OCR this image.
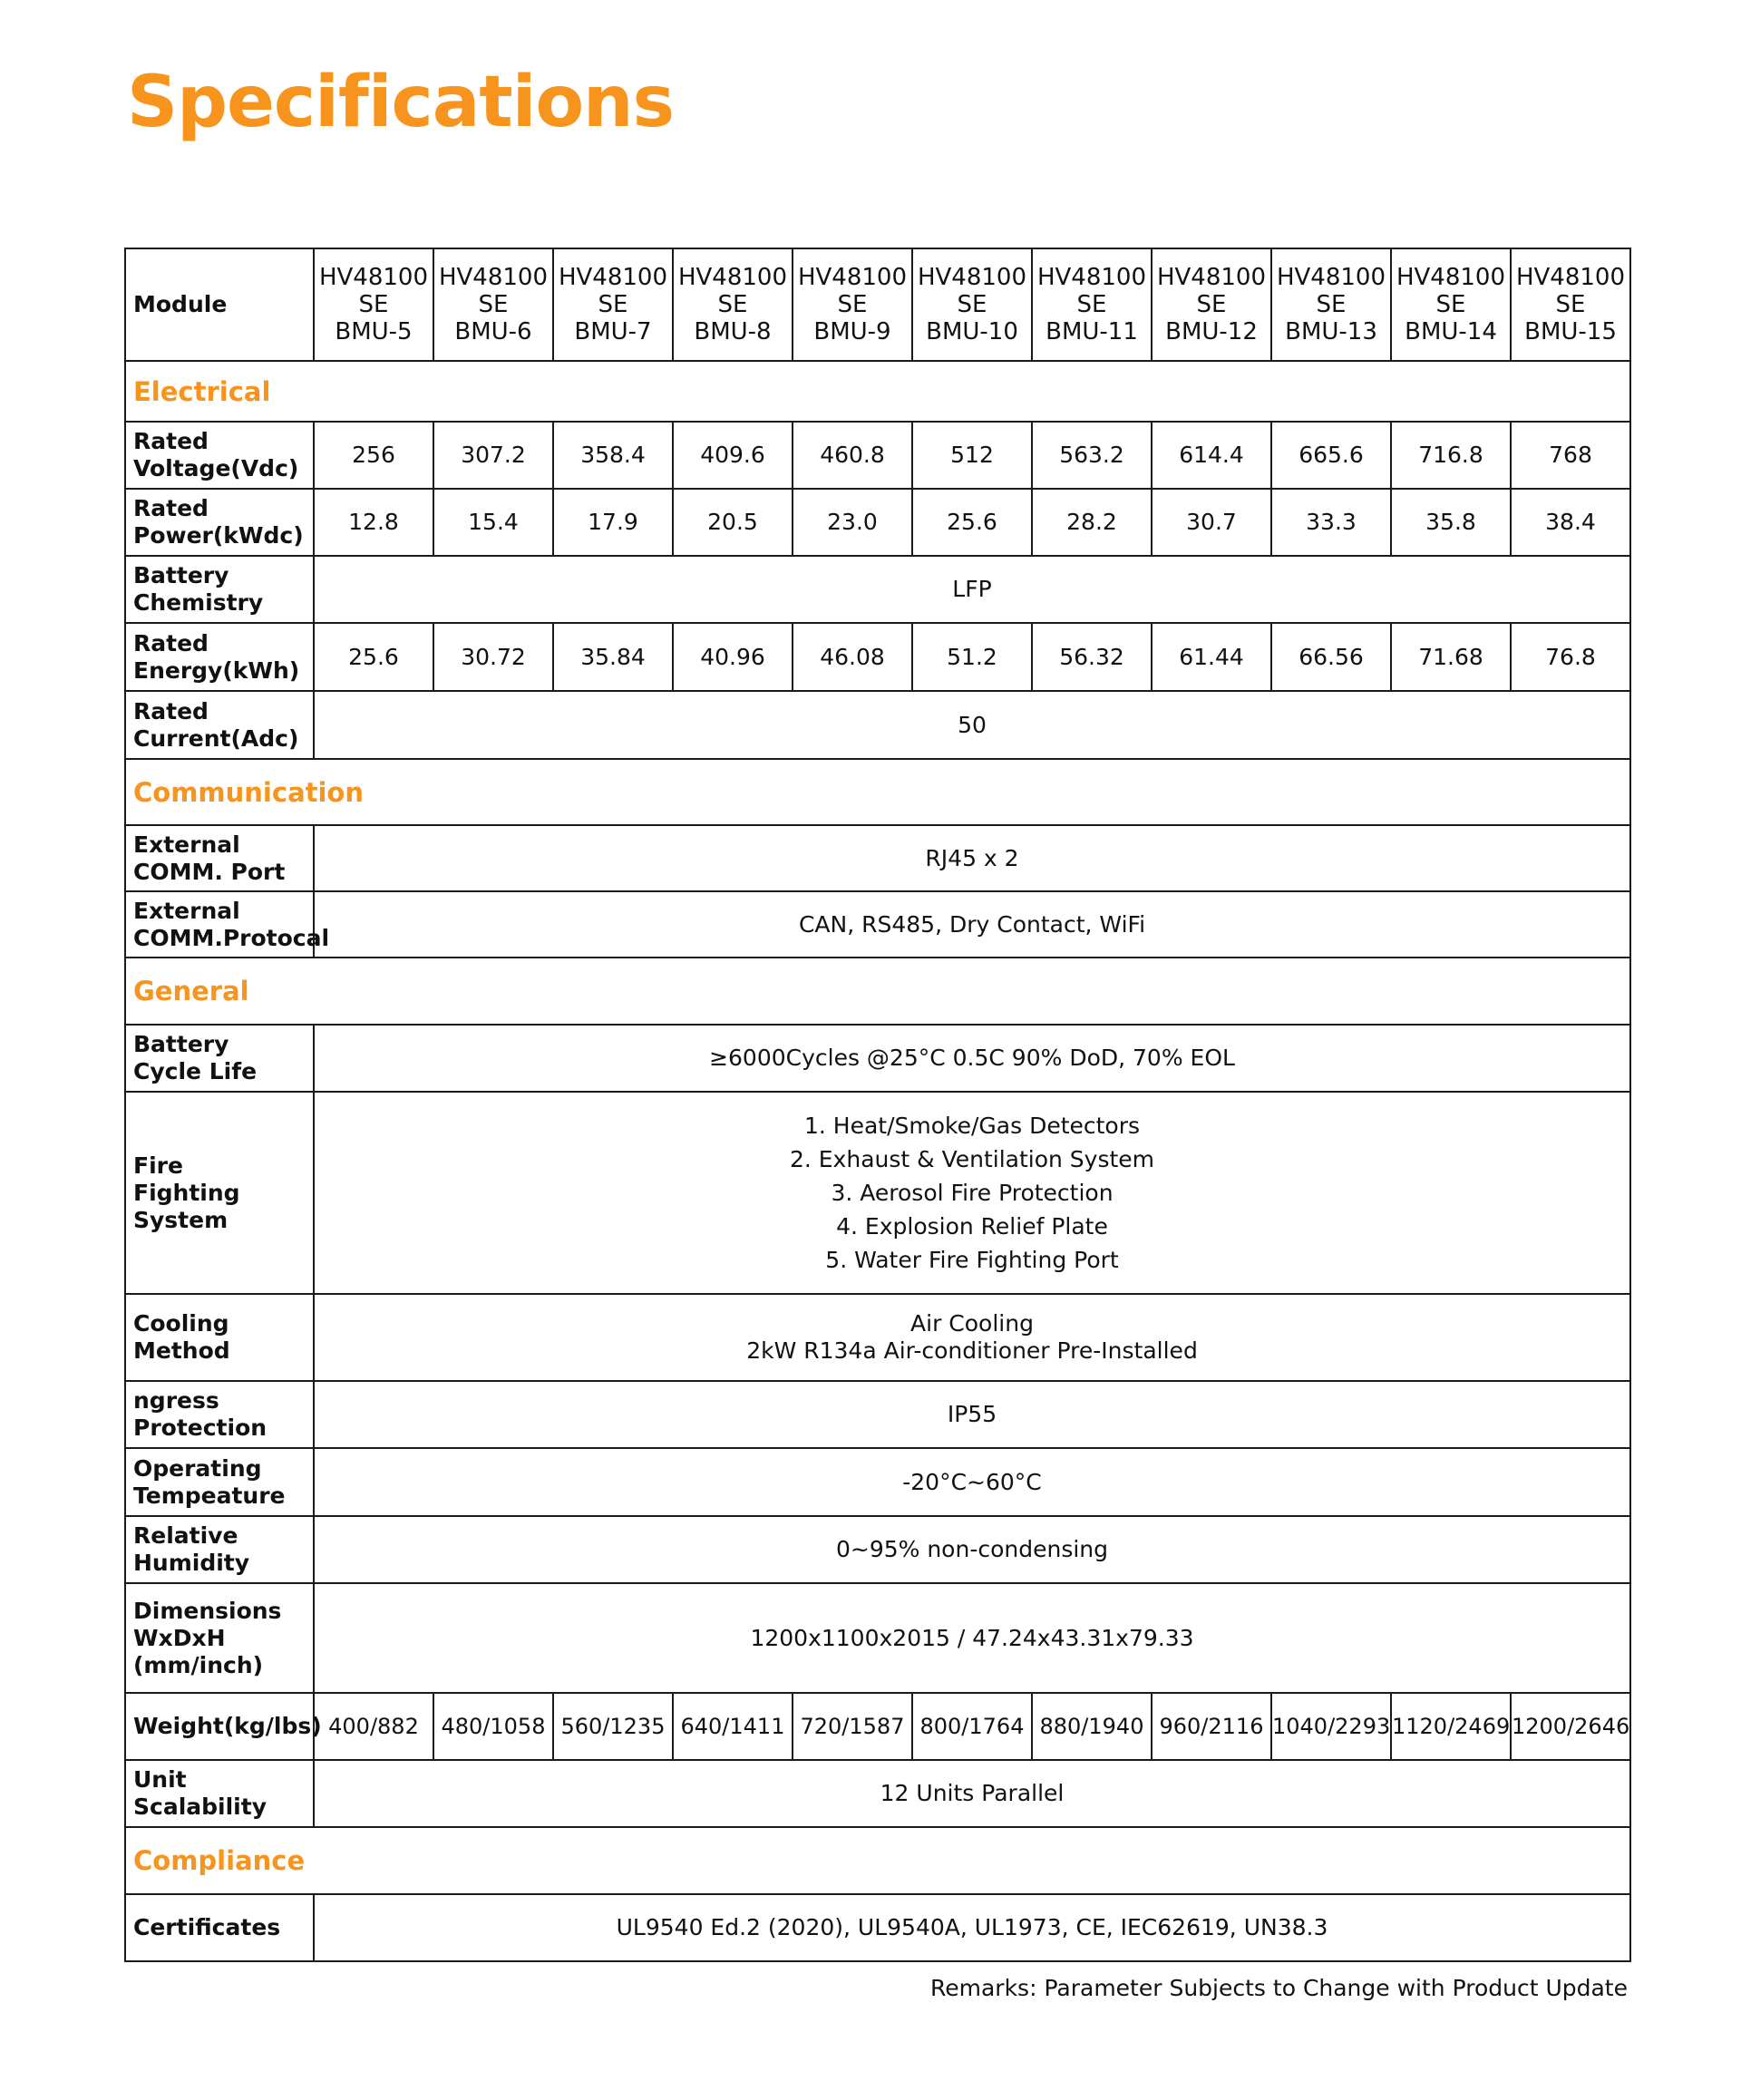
Specifications
Module	HV48100
SE
BMU-5	HV48100
SE
BMU-6	HV48100
SE
BMU-7	HV48100
SE
BMU-8	HV48100
SE
BMU-9	HV48100
SE
BMU-10	HV48100
SE
BMU-11	HV48100
SE
BMU-12	HV48100
SE
BMU-13	HV48100
SE
BMU-14	HV48100
SE
BMU-15
Electrical											

Rated
Voltage(Vdc)	256	307.2	358.4	409.6	460.8	512	563.2	614.4	665.6	716.8	768

Rated
Power(kWdc)	12.8	15.4	17.9	20.5	23.0	25.6	28.2	30.7	33.3	35.8	38.4

Battery
Chemistry	LFP										

Rated
Energy(kWh)	25.6	30.72	35.84	40.96	46.08	51.2	56.32	61.44	66.56	71.68	76.8

Rated
Current(Adc)	50										
Communication											

External
COMM. Port	RJ45 x 2										

External
COMM.Protocal	CAN, RS485, Dry Contact, WiFi										
General											

Battery
Cycle Life	≥6000Cycles @25°C 0.5C 90% DoD, 70% EOL										

Fire
Fighting
System	1. Heat/Smoke/Gas Detectors
2. Exhaust & Ventilation System
3. Aerosol Fire Protection
4. Explosion Relief Plate
5. Water Fire Fighting Port										

Cooling
Method	Air Cooling
2kW R134a Air-conditioner Pre-Installed										

ngress
Protection	IP55										

Operating
Tempeature	-20°C~60°C										

Relative
Humidity	0~95% non-condensing										

Dimensions
WxDxH
(mm/inch)	1200x1100x2015 / 47.24x43.31x79.33										

Weight(kg/lbs)	400/882	480/1058	560/1235	640/1411	720/1587	800/1764	880/1940	960/2116	1040/2293	1120/2469	1200/2646

Unit
Scalability	12 Units Parallel										
Compliance											

Certificates	UL9540 Ed.2 (2020), UL9540A, UL1973, CE, IEC62619, UN38.3										
Remarks: Parameter Subjects to Change with Product Update
